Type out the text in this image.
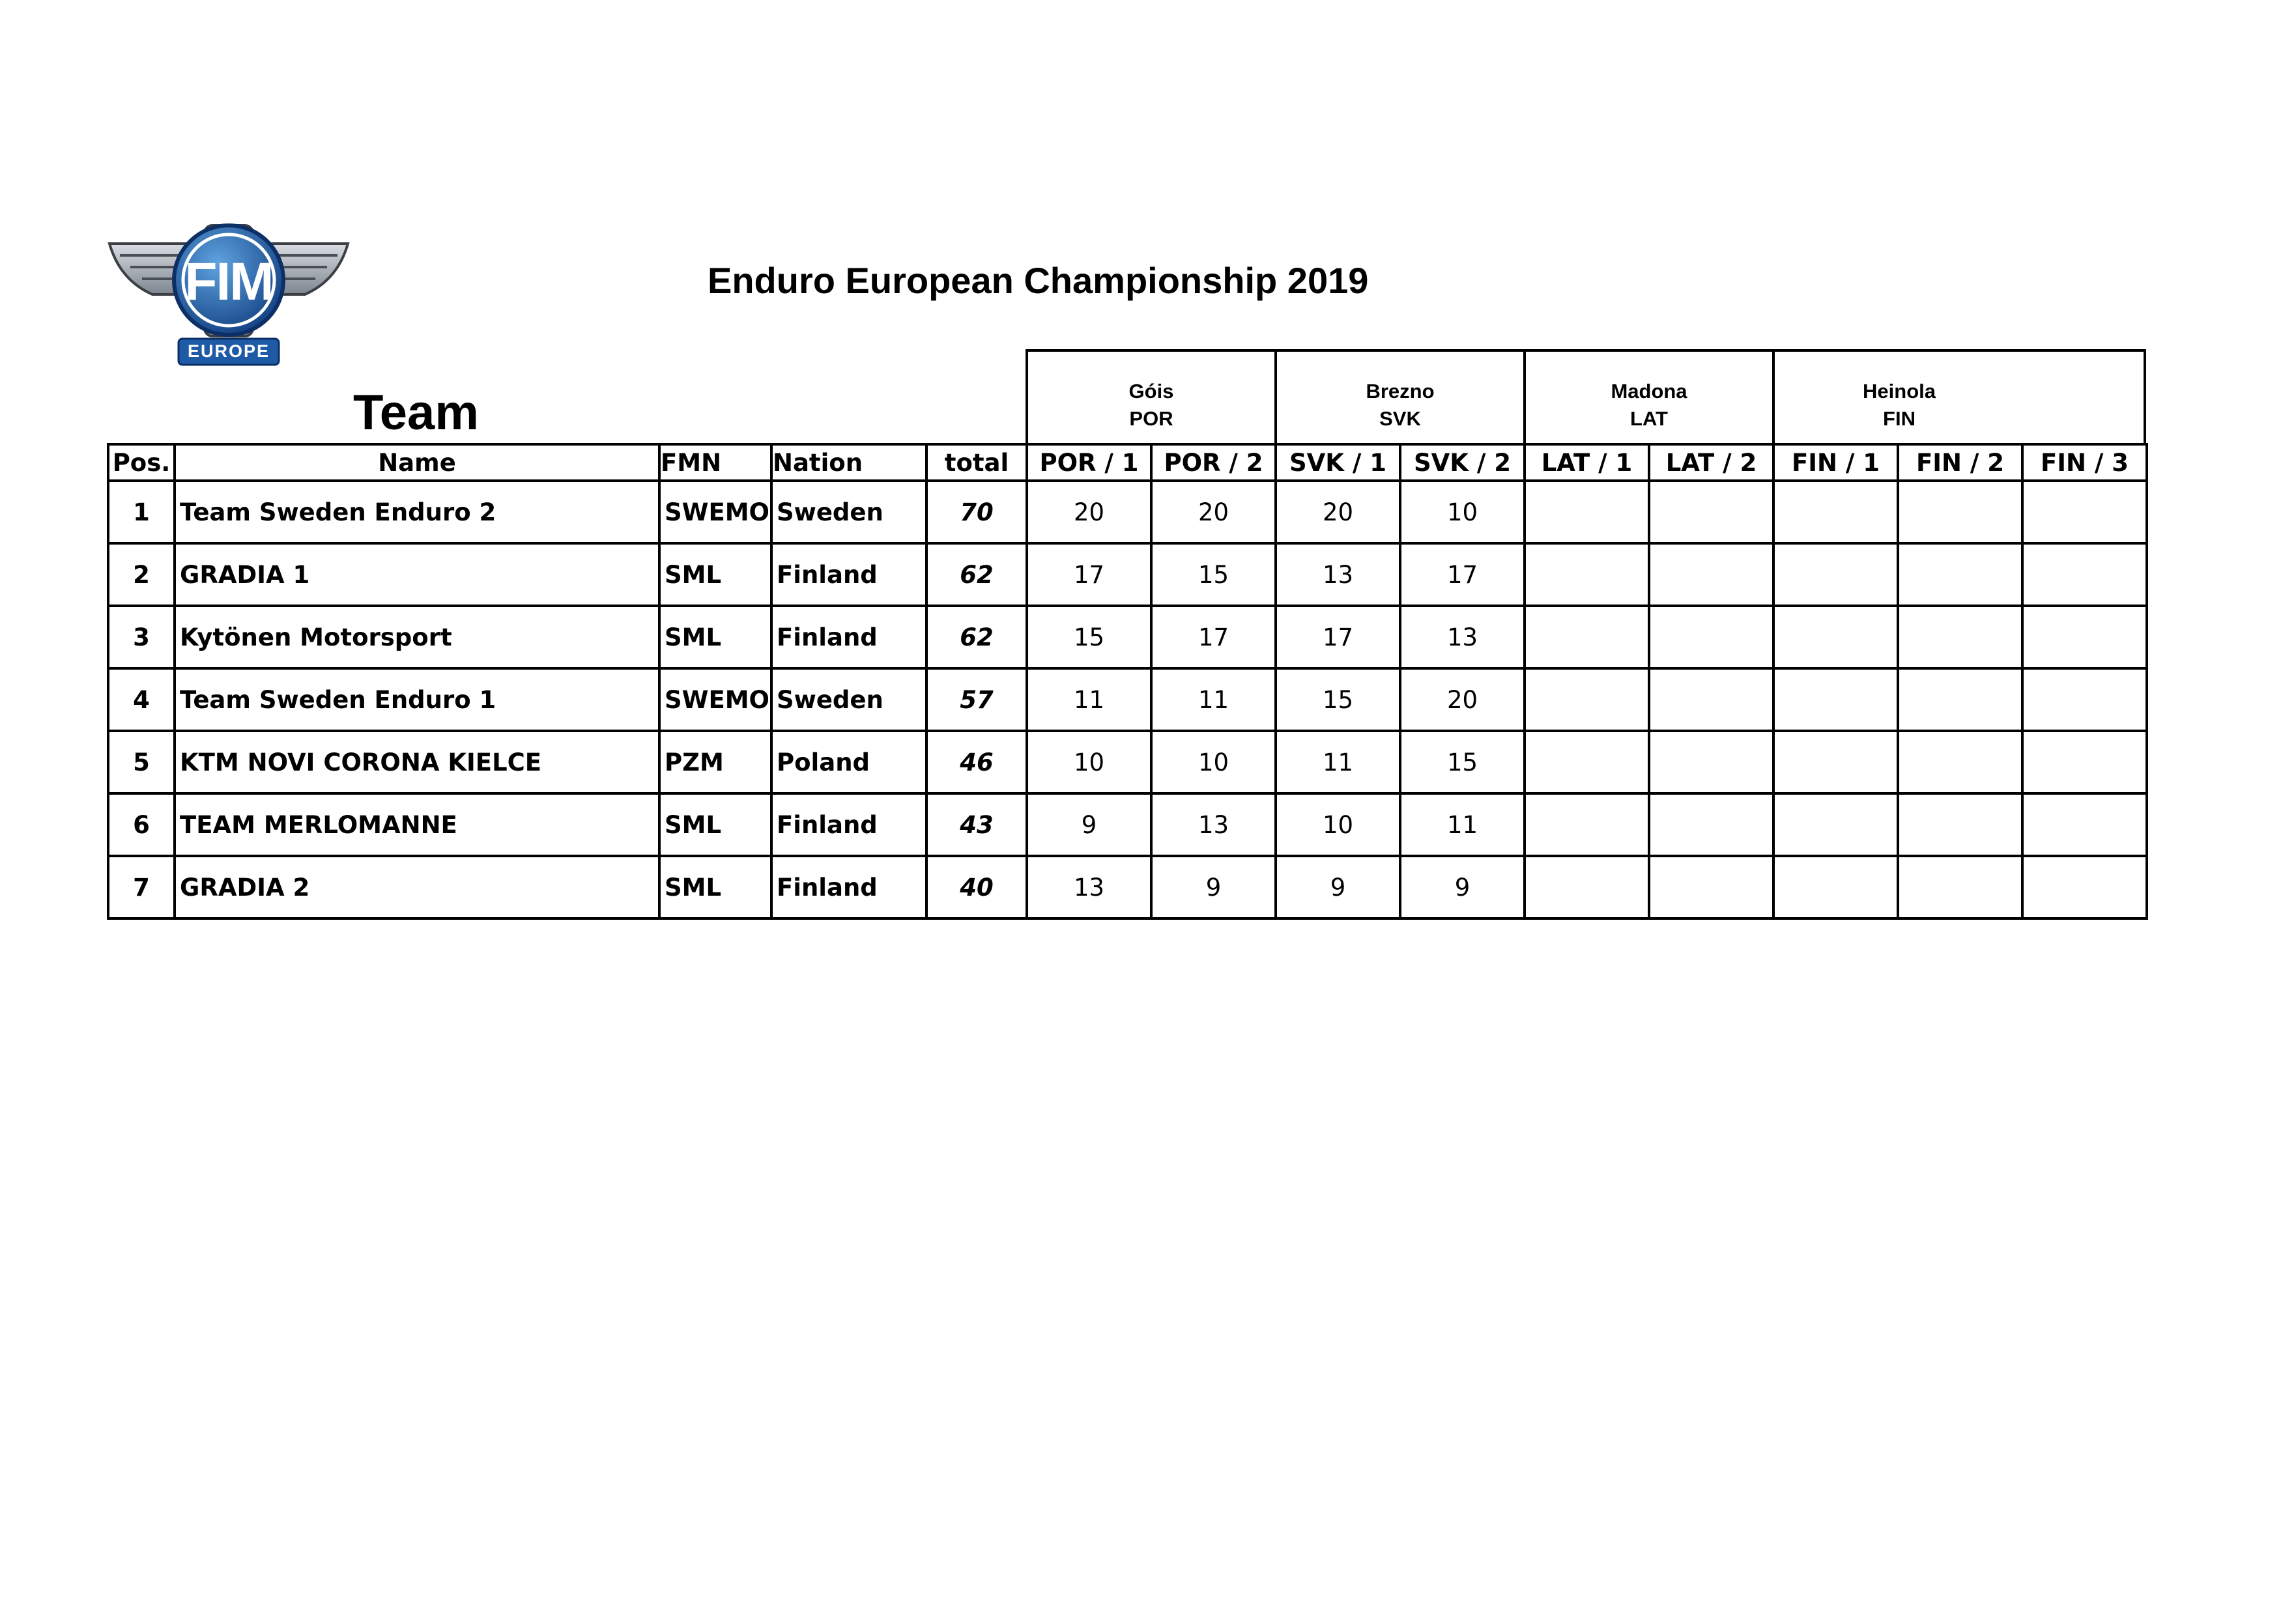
FIM
EUROPE
Enduro European Championship 2019
Team	Góis
POR
Brezno
SVK
Madona
LAT
Heinola
FIN
Pos.	Name	FMN	Nation	total	POR / 1	POR / 2	SVK / 1	SVK / 2	LAT / 1	LAT / 2	FIN / 1	FIN / 2	FIN / 3
1	Team Sweden Enduro 2	SWEMO	Sweden	70	20	20	20	10					
2	GRADIA 1	SML	Finland	62	17	15	13	17					
3	Kytönen Motorsport	SML	Finland	62	15	17	17	13					
4	Team Sweden Enduro 1	SWEMO	Sweden	57	11	11	15	20					
5	KTM NOVI CORONA KIELCE	PZM	Poland	46	10	10	11	15					
6	TEAM MERLOMANNE	SML	Finland	43	9	13	10	11					
7	GRADIA 2	SML	Finland	40	13	9	9	9					
